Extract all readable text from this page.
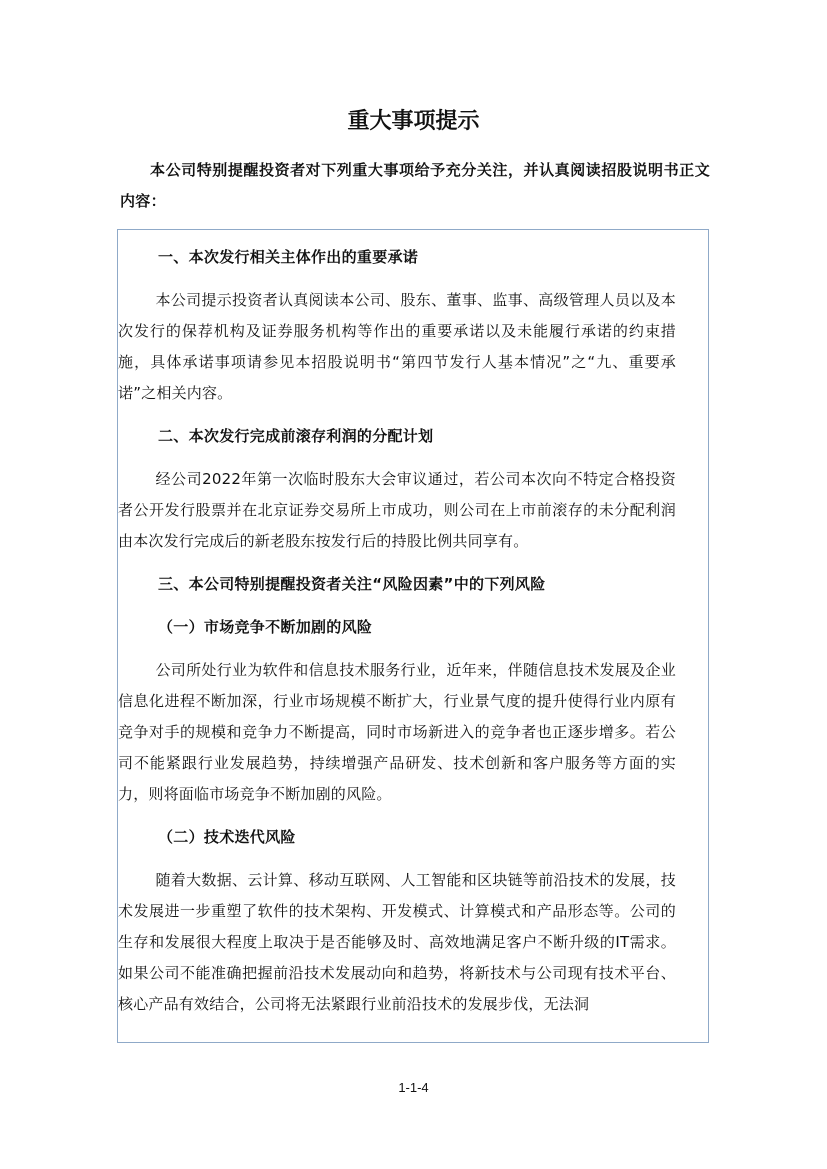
重大事项提示
本公司特别提醒投资者对下列重大事项给予充分关注，并认真阅读招股说明书正文内容：
一、本次发行相关主体作出的重要承诺
本公司提示投资者认真阅读本公司、股东、董事、监事、高级管理人员以及本次发行的保荐机构及证券服务机构等作出的重要承诺以及未能履行承诺的约束措施，具体承诺事项请参见本招股说明书“第四节发行人基本情况”之“九、重要承诺”之相关内容。
二、本次发行完成前滚存利润的分配计划
经公司2022年第一次临时股东大会审议通过，若公司本次向不特定合格投资者公开发行股票并在北京证券交易所上市成功，则公司在上市前滚存的未分配利润由本次发行完成后的新老股东按发行后的持股比例共同享有。
三、本公司特别提醒投资者关注“风险因素”中的下列风险
（一）市场竞争不断加剧的风险
公司所处行业为软件和信息技术服务行业，近年来，伴随信息技术发展及企业信息化进程不断加深，行业市场规模不断扩大，行业景气度的提升使得行业内原有竞争对手的规模和竞争力不断提高，同时市场新进入的竞争者也正逐步增多。若公司不能紧跟行业发展趋势，持续增强产品研发、技术创新和客户服务等方面的实力，则将面临市场竞争不断加剧的风险。
（二）技术迭代风险
随着大数据、云计算、移动互联网、人工智能和区块链等前沿技术的发展，技术发展进一步重塑了软件的技术架构、开发模式、计算模式和产品形态等。公司的生存和发展很大程度上取决于是否能够及时、高效地满足客户不断升级的IT需求。如果公司不能准确把握前沿技术发展动向和趋势，将新技术与公司现有技术平台、核心产品有效结合，公司将无法紧跟行业前沿技术的发展步伐，无法洞
1-1-4
